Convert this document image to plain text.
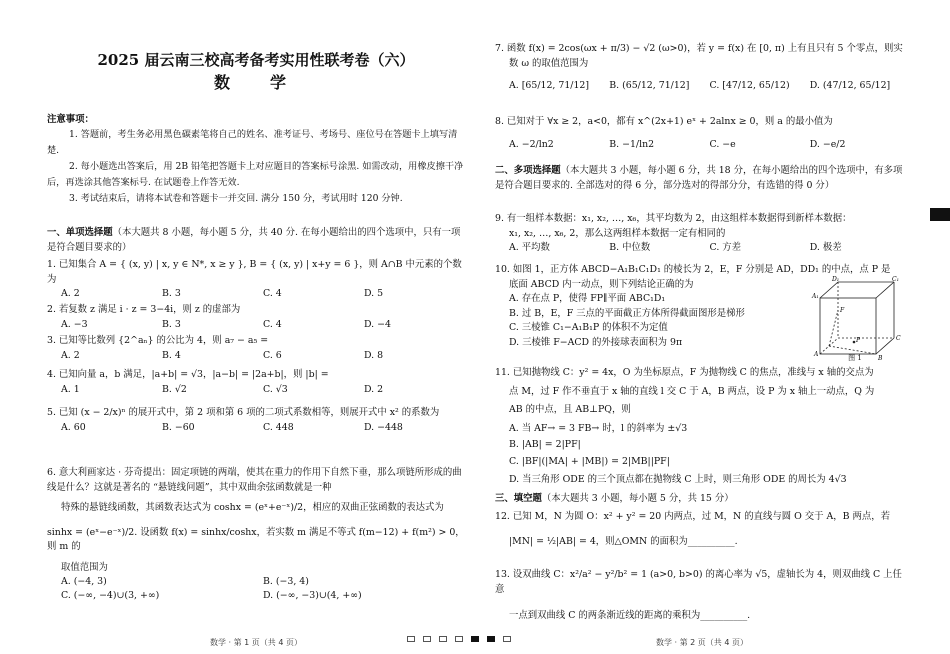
2025 届云南三校高考备考实用性联考卷（六）
数　学
注意事项：

1. 答题前，考生务必用黑色碳素笔将自己的姓名、准考证号、考场号、座位号在答题卡上填写清楚.

2. 每小题选出答案后，用 2B 铅笔把答题卡上对应题目的答案标号涂黑. 如需改动，用橡皮擦干净后，再选涂其他答案标号. 在试题卷上作答无效.

3. 考试结束后，请将本试卷和答题卡一并交回. 满分 150 分，考试用时 120 分钟.

一、单项选择题（本大题共 8 小题，每小题 5 分，共 40 分. 在每小题给出的四个选项中，只有一项是符合题目要求的）

1. 已知集合 A = { (x, y) | x, y ∈ N*, x ≥ y }, B = { (x, y) | x+y = 6 }，则 A∩B 中元素的个数为

A. 2	B. 3	C. 4	D. 5

2. 若复数 z 满足 i · z = 3−4i，则 z 的虚部为

A. −3	B. 3	C. 4	D. −4

3. 已知等比数列 {2^aₙ} 的公比为 4，则 a₇ − a₅ =

A. 2	B. 4	C. 6	D. 8

4. 已知向量 a，b 满足，|a+b| = √3，|a−b| = |2a+b|，则 |b| =

A. 1	B. √2	C. √3	D. 2

5. 已知 (x − 2/x)ⁿ 的展开式中，第 2 项和第 6 项的二项式系数相等，则展开式中 x² 的系数为

A. 60	B. −60	C. 448	D. −448

6. 意大利画家达 · 芬奇提出：固定项链的两端，使其在重力的作用下自然下垂，那么项链所形成的曲线是什么？这就是著名的 “悬链线问题”，其中双曲余弦函数就是一种

特殊的悬链线函数，其函数表达式为 coshx = (eˣ+e⁻ˣ)/2，相应的双曲正弦函数的表达式为

sinhx = (eˣ−e⁻ˣ)/2. 设函数 f(x) = sinhx/coshx，若实数 m 满足不等式 f(m−12) + f(m²) > 0，则 m 的

取值范围为

A. (−4, 3)	B. (−3, 4)
C. (−∞, −4)∪(3, +∞)	D. (−∞, −3)∪(4, +∞)

7. 函数 f(x) = 2cos(ωx + π/3) − √2 (ω>0)，若 y = f(x) 在 [0, π) 上有且只有 5 个零点，则实

数 ω 的取值范围为

A. [65/12, 71/12]	B. (65/12, 71/12]	C. [47/12, 65/12)	D. (47/12, 65/12]

8. 已知对于 ∀x ≥ 2，a<0，都有 x^(2x+1) eˣ + 2alnx ≥ 0，则 a 的最小值为

A. −2/ln2	B. −1/ln2	C. −e	D. −e/2

二、多项选择题（本大题共 3 小题，每小题 6 分，共 18 分，在每小题给出的四个选项中，有多项是符合题目要求的. 全部选对的得 6 分，部分选对的得部分分，有选错的得 0 分）

9. 有一组样本数据：x₁, x₂, …, x₆，其平均数为 2，由这组样本数据得到新样本数据：

x₁, x₂, …, x₆, 2，那么这两组样本数据一定有相同的

A. 平均数	B. 中位数	C. 方差	D. 极差

10. 如图 1，正方体 ABCD−A₁B₁C₁D₁ 的棱长为 2，E，F 分别是 AD，DD₁ 的中点，点 P 是

底面 ABCD 内一动点，则下列结论正确的为

A. 存在点 P，使得 FP∥平面 ABC₁D₁

B. 过 B，E，F 三点的平面截正方体所得截面图形是梯形

C. 三棱锥 C₁−A₁B₁P 的体积不为定值

D. 三棱锥 F−ACD 的外接球表面积为 9π

A
B
C
D₁	C₁
A₁
F
P
图 1

11. 已知抛物线 C：y² = 4x，O 为坐标原点，F 为抛物线 C 的焦点，准线与 x 轴的交点为

点 M，过 F 作不垂直于 x 轴的直线 l 交 C 于 A，B 两点，设 P 为 x 轴上一动点，Q 为

AB 的中点，且 AB⊥PQ，则

A. 当 AF→ = 3 FB→ 时，l 的斜率为 ±√3

B. |AB| = 2|PF|

C. |BF|(|MA| + |MB|) = 2|MB||PF|

D. 当三角形 ODE 的三个顶点都在抛物线 C 上时，则三角形 ODE 的周长为 4√3

三、填空题（本大题共 3 小题，每小题 5 分，共 15 分）

12. 已知 M，N 为圆 O：x² + y² = 20 内两点，过 M，N 的直线与圆 O 交于 A，B 两点，若

|MN| = ½|AB| = 4，则△OMN 的面积为__________.

13. 设双曲线 C：x²/a² − y²/b² = 1 (a>0, b>0) 的离心率为 √5，虚轴长为 4，则双曲线 C 上任意

一点到双曲线 C 的两条渐近线的距离的乘积为__________.

数学 · 第 1 页（共 4 页）	数学 · 第 2 页（共 4 页）
